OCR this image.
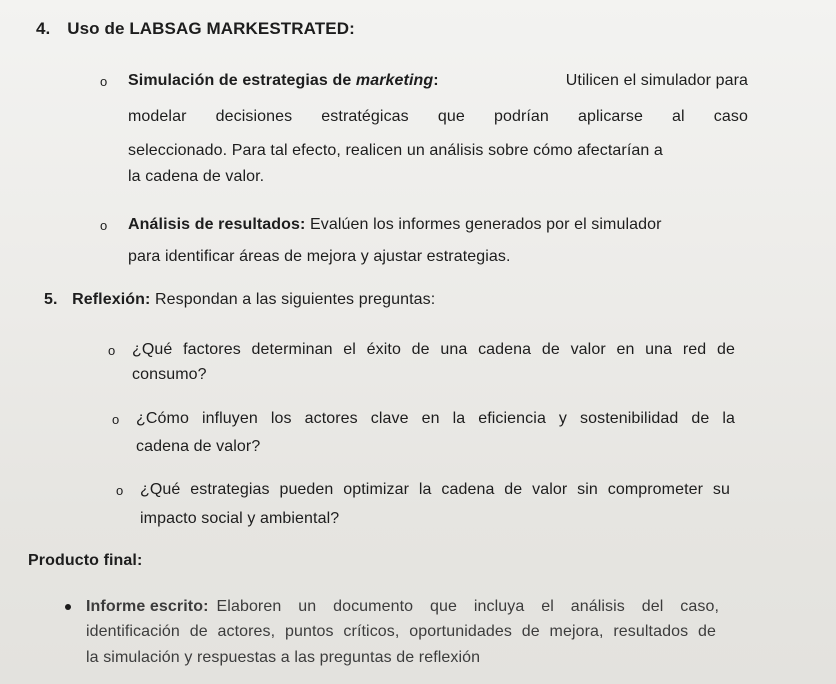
4. Uso de LABSAG MARKESTRATED:
o Simulación de estrategias de marketing:	Utilicen el simulador para
modelar decisiones estratégicas que podrían aplicarse al caso
seleccionado. Para tal efecto, realicen un análisis sobre cómo afectarían a
la cadena de valor.
o Análisis de resultados: Evalúen los informes generados por el simulador
para identificar áreas de mejora y ajustar estrategias.
5. Reflexión: Respondan a las siguientes preguntas:
o ¿Qué factores determinan el éxito de una cadena de valor en una red de
consumo?
o ¿Cómo influyen los actores clave en la eficiencia y sostenibilidad de la
cadena de valor?
o ¿Qué estrategias pueden optimizar la cadena de valor sin comprometer su
impacto social y ambiental?
Producto final:
Informe escrito: Elaboren un documento que incluya el análisis del caso,
identificación de actores, puntos críticos, oportunidades de mejora, resultados de
la simulación y respuestas a las preguntas de reflexión
